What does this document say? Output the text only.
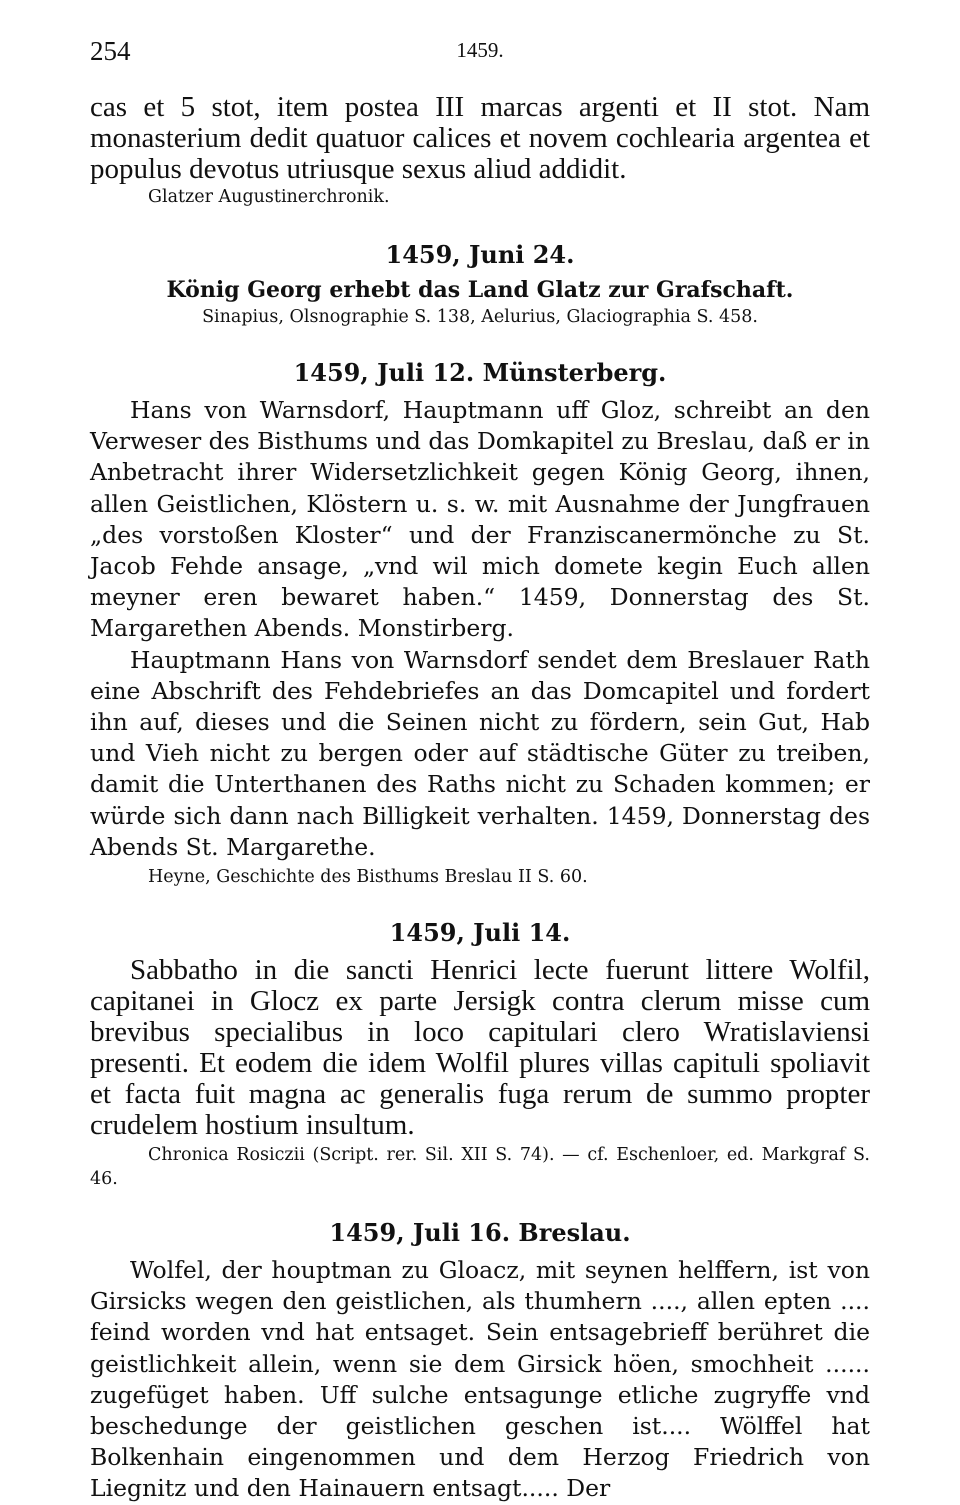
254	1459.

cas et 5 stot, item postea III marcas argenti et II stot. Nam monasterium dedit quatuor calices et novem cochlearia argentea et populus devotus utriusque sexus aliud addidit.

Glatzer Augustinerchronik.

1459, Juni 24.

König Georg erhebt das Land Glatz zur Grafschaft.

Sinapius, Olsnographie S. 138, Aelurius, Glaciographia S. 458.

1459, Juli 12. Münsterberg.

Hans von Warnsdorf, Hauptmann uff Gloz, schreibt an den Verweser des Bisthums und das Domkapitel zu Breslau, daß er in Anbetracht ihrer Widersetzlichkeit gegen König Georg, ihnen, allen Geistlichen, Klöstern u. s. w. mit Ausnahme der Jungfrauen „des vorstoßen Kloster“ und der Franziscanermönche zu St. Jacob Fehde ansage, „vnd wil mich domete kegin Euch allen meyner eren bewaret haben.“ 1459, Donnerstag des St. Margarethen Abends. Monstirberg.

Hauptmann Hans von Warnsdorf sendet dem Breslauer Rath eine Abschrift des Fehdebriefes an das Domcapitel und fordert ihn auf, dieses und die Seinen nicht zu fördern, sein Gut, Hab und Vieh nicht zu bergen oder auf städtische Güter zu treiben, damit die Unterthanen des Raths nicht zu Schaden kommen; er würde sich dann nach Billigkeit verhalten. 1459, Donnerstag des Abends St. Margarethe.

Heyne, Geschichte des Bisthums Breslau II S. 60.

1459, Juli 14.

Sabbatho in die sancti Henrici lecte fuerunt littere Wolfil, capitanei in Glocz ex parte Jersigk contra clerum misse cum brevibus specialibus in loco capitulari clero Wratislaviensi presenti. Et eodem die idem Wolfil plures villas capituli spoliavit et facta fuit magna ac generalis fuga rerum de summo propter crudelem hostium insultum.

Chronica Rosiczii (Script. rer. Sil. XII S. 74). — cf. Eschenloer, ed. Markgraf S. 46.

1459, Juli 16. Breslau.

Wolfel, der houptman zu Gloacz, mit seynen helffern, ist von Girsicks wegen den geistlichen, als thumhern ...., allen epten .... feind worden vnd hat entsaget. Sein entsagebrieff berühret die geistlichkeit allein, wenn sie dem Girsick höen, smochheit ...... zugefüget haben. Uff sulche entsagunge etliche zugryffe vnd beschedunge der geistlichen geschen ist.... Wölffel hat Bolkenhain eingenommen und dem Herzog Friedrich von Liegnitz und den Hainauern entsagt..... Der
